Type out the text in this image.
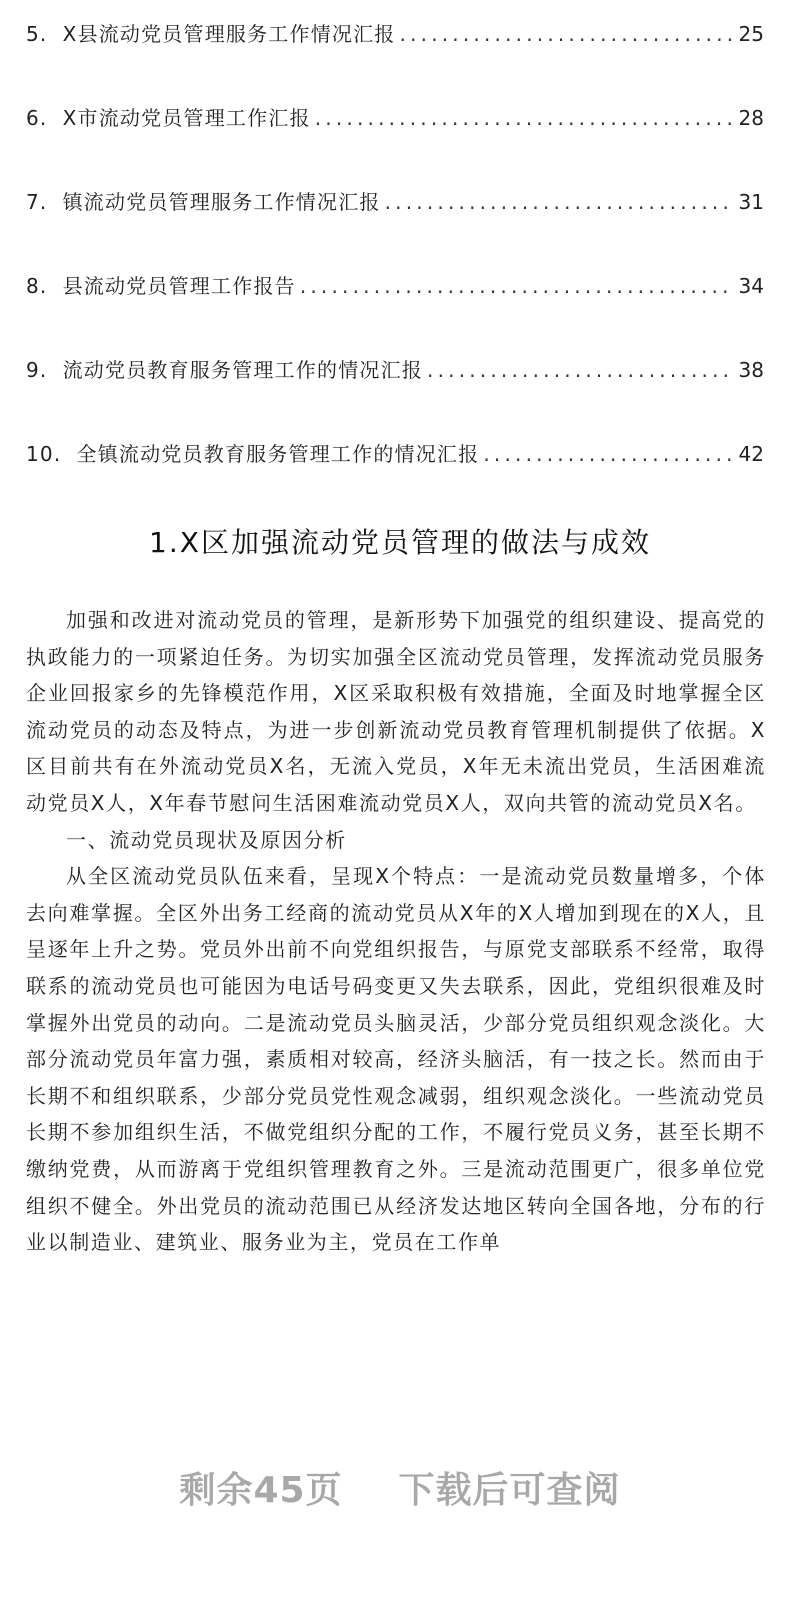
5. X县流动党员管理服务工作情况汇报 .....	25
6. X市流动党员管理工作汇报 .....	28
7. 镇流动党员管理服务工作情况汇报 .....	31
8. 县流动党员管理工作报告 .....	34
9. 流动党员教育服务管理工作的情况汇报 .....	38
10. 全镇流动党员教育服务管理工作的情况汇报 .....	42
1.X区加强流动党员管理的做法与成效

加强和改进对流动党员的管理，是新形势下加强党的组织建设、提高党的执政能力的一项紧迫任务。为切实加强全区流动党员管理，发挥流动党员服务企业回报家乡的先锋模范作用，X区采取积极有效措施，全面及时地掌握全区流动党员的动态及特点，为进一步创新流动党员教育管理机制提供了依据。X区目前共有在外流动党员X名，无流入党员，X年无未流出党员，生活困难流动党员X人，X年春节慰问生活困难流动党员X人，双向共管的流动党员X名。

一、流动党员现状及原因分析

从全区流动党员队伍来看，呈现X个特点：一是流动党员数量增多，个体去向难掌握。全区外出务工经商的流动党员从X年的X人增加到现在的X人，且呈逐年上升之势。党员外出前不向党组织报告，与原党支部联系不经常，取得联系的流动党员也可能因为电话号码变更又失去联系，因此，党组织很难及时掌握外出党员的动向。二是流动党员头脑灵活，少部分党员组织观念淡化。大部分流动党员年富力强，素质相对较高，经济头脑活，有一技之长。然而由于长期不和组织联系，少部分党员党性观念减弱，组织观念淡化。一些流动党员长期不参加组织生活，不做党组织分配的工作，不履行党员义务，甚至长期不缴纳党费，从而游离于党组织管理教育之外。三是流动范围更广，很多单位党组织不健全。外出党员的流动范围已从经济发达地区转向全国各地，分布的行业以制造业、建筑业、服务业为主，党员在工作单

剩余45页 下载后可查阅
